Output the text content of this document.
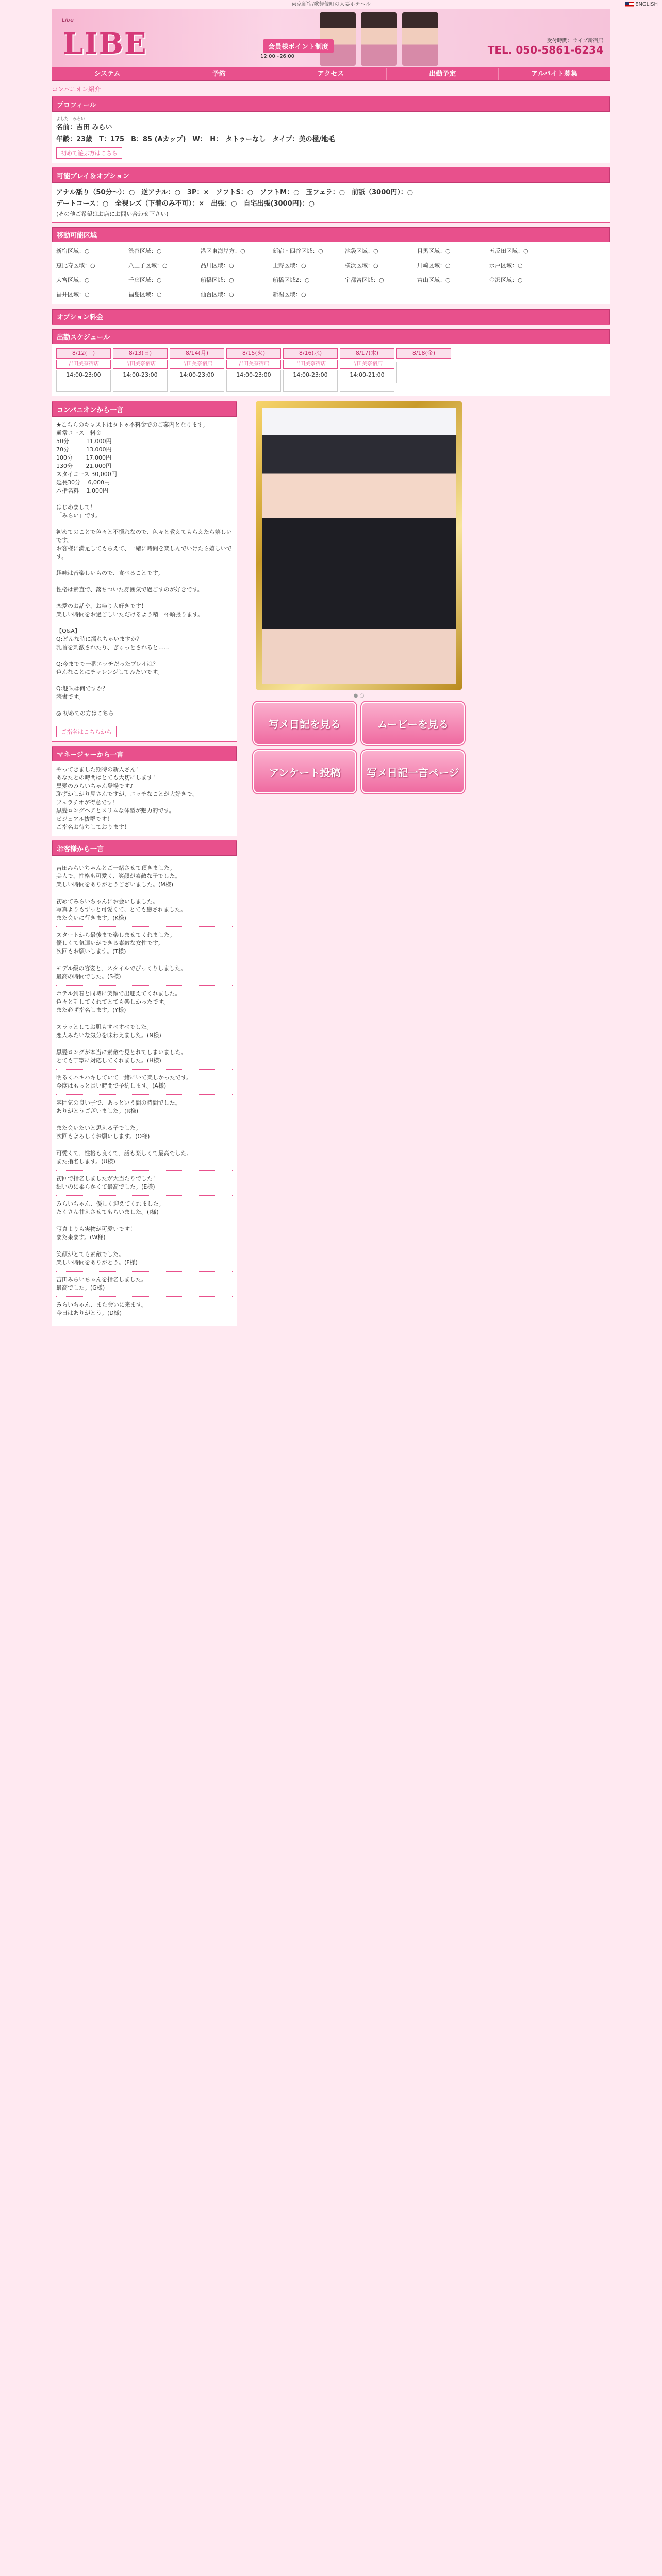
東京新宿/歌舞伎町の人妻ホテヘル	ENGLISH
Libe
LIBE	会員様ポイント制度
12:00~26:00
受付時間：ライブ新宿店
TEL. 050-5861-6234
システム	予約	アクセス	出勤予定	アルバイト募集
コンパニオン紹介
プロフィール
よしだ　みらい
名前：吉田 みらい
年齢：23歳　T：175　B：85 (Aカップ)　W：　H：　タトゥーなし　タイプ：美の極/地毛
初めて遊ぶ方はこちら
可能プレイ＆オプション
アナル舐り（50分〜）：○　逆アナル：○　3P：×　ソフトS：○　ソフトM：○　玉フェラ：○　前舐（3000円）：○
デートコース：○　全裸レズ（下着のみ不可）：×　出張：○　自宅出張(3000円)：○
(その他ご希望はお店にお問い合わせ下さい)
移動可能区域
新宿区域：○	渋谷区域：○	港区東海岸方：○	新宿・四谷区域：○	池袋区域：○	目黒区域：○	五反田区域：○
恵比寿区域：○	八王子区域：○	品川区域：○	上野区域：○	横浜区域：○	川崎区域：○	水戸区域：○
大宮区域：○	千葉区域：○	船橋区域：○	船橋区域2：○	宇都宮区域：○	富山区域：○	金沢区域：○
福井区域：○	福島区域：○	仙台区域：○	新潟区域：○
オプション料金
出勤スケジュール
8/12(土)
吉田美奈宿店
14:00-23:00
8/13(日)
吉田美奈宿店
14:00-23:00
8/14(月)
吉田美奈宿店
14:00-23:00
8/15(火)
吉田美奈宿店
14:00-23:00
8/16(水)
吉田美奈宿店
14:00-23:00
8/17(木)
吉田美奈宿店
14:00-21:00
8/18(金)
コンパニオンから一言
★こちらのキャストはタトゥ不料金でのご案内となります。
通常コース　料金
50分　　　11,000円
70分　　　13,000円
100分　　 17,000円
130分　　 21,000円
スタイコース 30,000円
延長30分　 6,000円
本指名料　 1,000円

はじめまして！
「みらい」です。

初めてのことで色々と不慣れなので、色々と教えてもらえたら嬉しいです。
お客様に満足してもらえて、一緒に時間を楽しんでいけたら嬉しいです。

趣味は音楽しいもので、食べることです。

性格は素直で、落ちついた雰囲気で過ごすのが好きです。

恋愛のお話や、お喋り大好きです！
楽しい時間をお過ごしいただけるよう精一杯頑張ります。

【Q&A】
Q:どんな時に濡れちゃいますか？
乳首を刺激されたり、ぎゅっとされると……

Q:今までで一番エッチだったプレイは？
色んなことにチャレンジしてみたいです。

Q:趣味は何ですか？
読書です。

◎ 初めての方はこちら
ご指名はこちらから
マネージャーから一言
やってきました期待の新人さん！
あなたとの時間はとても大切にします！
黒髪のみらいちゃん登場です♪
恥ずかしがり屋さんですが、エッチなことが大好きで、
フェラチオが得意です！
黒髪ロングヘアとスリムな体型が魅力的です。
ビジュアル抜群です！
ご指名お待ちしております！
お客様から一言
吉田みらいちゃんとご一緒させて頂きました。
美人で、性格も可愛く、笑顔が素敵な子でした。
楽しい時間をありがとうございました。(M様)
初めてみらいちゃんにお会いしました。
写真よりもずっと可愛くて、とても癒されました。
また会いに行きます。(K様)
スタートから最後まで楽しませてくれました。
優しくて気遣いができる素敵な女性です。
次回もお願いします。(T様)
モデル級の容姿と、スタイルでびっくりしました。
最高の時間でした。(S様)
ホテル到着と同時に笑顔で出迎えてくれました。
色々と話してくれてとても楽しかったです。
また必ず指名します。(Y様)
スラッとしてお肌もすべすべでした。
恋人みたいな気分を味わえました。(N様)
黒髪ロングが本当に素敵で見とれてしまいました。
とても丁寧に対応してくれました。(H様)
明るくハキハキしていて一緒にいて楽しかったです。
今度はもっと長い時間で予約します。(A様)
雰囲気の良い子で、あっという間の時間でした。
ありがとうございました。(R様)
また会いたいと思える子でした。
次回もよろしくお願いします。(O様)
可愛くて、性格も良くて、話も楽しくて最高でした。
また指名します。(U様)
初回で指名しましたが大当たりでした！
細いのに柔らかくて最高でした。(E様)
みらいちゃん、優しく迎えてくれました。
たくさん甘えさせてもらいました。(I様)
写真よりも実物が可愛いです！
また来ます。(W様)
笑顔がとても素敵でした。
楽しい時間をありがとう。(F様)
吉田みらいちゃんを指名しました。
最高でした。(G様)
みらいちゃん、また会いに来ます。
今日はありがとう。(D様)
● ○
写メ日記を見る	ムービーを見る
アンケート投稿	写メ日記一言ページ
